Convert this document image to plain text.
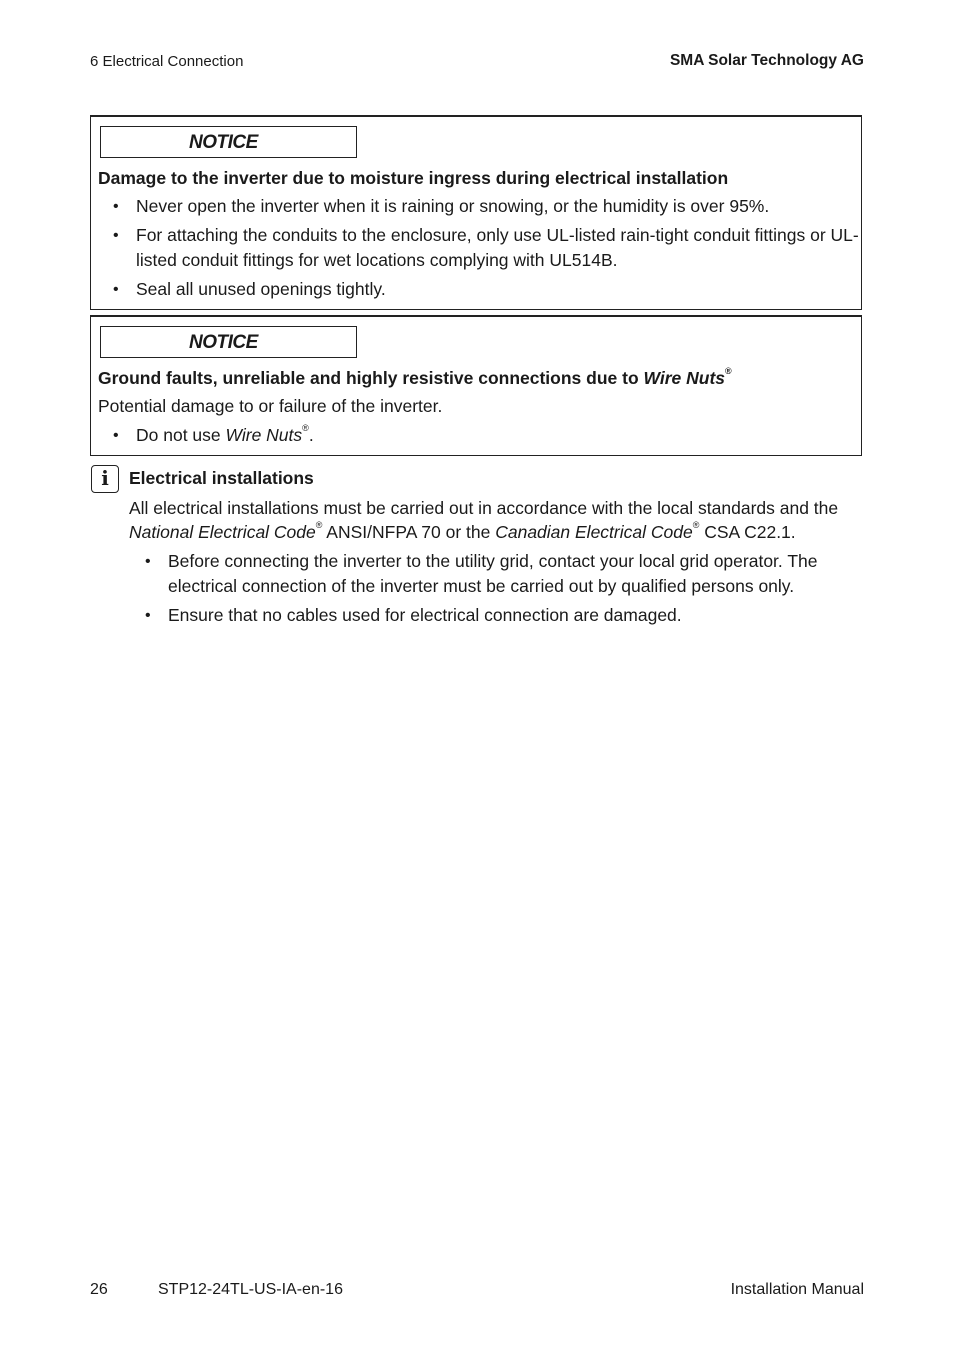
6 Electrical Connection	SMA Solar Technology AG
NOTICE
Damage to the inverter due to moisture ingress during electrical installation
• Never open the inverter when it is raining or snowing, or the humidity is over 95%.
• For attaching the conduits to the enclosure, only use UL-listed rain-tight conduit fittings or UL-
listed conduit fittings for wet locations complying with UL514B.
• Seal all unused openings tightly.
NOTICE
Ground faults, unreliable and highly resistive connections due to Wire Nuts®
Potential damage to or failure of the inverter.
• Do not use Wire Nuts®.
i	Electrical installations
All electrical installations must be carried out in accordance with the local standards and the
National Electrical Code® ANSI/NFPA 70 or the Canadian Electrical Code® CSA C22.1.
• Before connecting the inverter to the utility grid, contact your local grid operator. The
electrical connection of the inverter must be carried out by qualified persons only.
• Ensure that no cables used for electrical connection are damaged.
26	STP12-24TL-US-IA-en-16	Installation Manual
